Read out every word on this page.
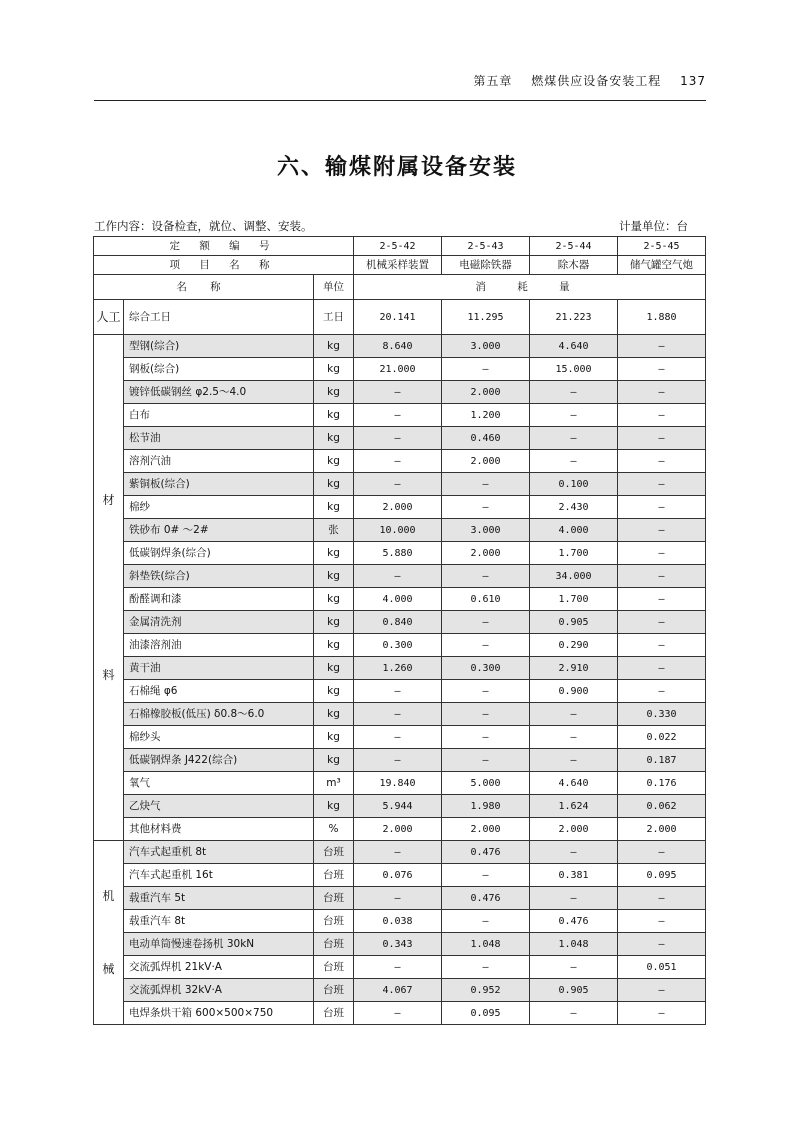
第五章 燃煤供应设备安装工程 137
六、输煤附属设备安装
工作内容：设备检查，就位、调整、安装。	计量单位：台
定 额 编 号			2-5-42	2-5-43	2-5-44	2-5-45
项 目 名 称			机械采样装置	电磁除铁器	除木器	储气罐空气炮
名 称		单位	消 耗 量			
人工	综合工日	工日	20.141	11.295	21.223	1.880

材
料	型钢(综合)	kg	8.640	3.000	4.640	—
	钢板(综合)	kg	21.000	—	15.000	—
	镀锌低碳钢丝 φ2.5～4.0	kg	—	2.000	—	—
	白布	kg	—	1.200	—	—
	松节油	kg	—	0.460	—	—
	溶剂汽油	kg	—	2.000	—	—
	紫铜板(综合)	kg	—	—	0.100	—
	棉纱	kg	2.000	—	2.430	—
	铁砂布 0# ～2#	张	10.000	3.000	4.000	—
	低碳钢焊条(综合)	kg	5.880	2.000	1.700	—
	斜垫铁(综合)	kg	—	—	34.000	—
	酚醛调和漆	kg	4.000	0.610	1.700	—
	金属清洗剂	kg	0.840	—	0.905	—
	油漆溶剂油	kg	0.300	—	0.290	—
	黄干油	kg	1.260	0.300	2.910	—
	石棉绳 φ6	kg	—	—	0.900	—
	石棉橡胶板(低压) δ0.8～6.0	kg	—	—	—	0.330
	棉纱头	kg	—	—	—	0.022
	低碳钢焊条 J422(综合)	kg	—	—	—	0.187
	氧气	m³	19.840	5.000	4.640	0.176
	乙炔气	kg	5.944	1.980	1.624	0.062
	其他材料费	%	2.000	2.000	2.000	2.000

机
械	汽车式起重机 8t	台班	—	0.476	—	—
	汽车式起重机 16t	台班	0.076	—	0.381	0.095
	载重汽车 5t	台班	—	0.476	—	—
	载重汽车 8t	台班	0.038	—	0.476	—
	电动单筒慢速卷扬机 30kN	台班	0.343	1.048	1.048	—
	交流弧焊机 21kV·A	台班	—	—	—	0.051
	交流弧焊机 32kV·A	台班	4.067	0.952	0.905	—
	电焊条烘干箱 600×500×750	台班	—	0.095	—	—
